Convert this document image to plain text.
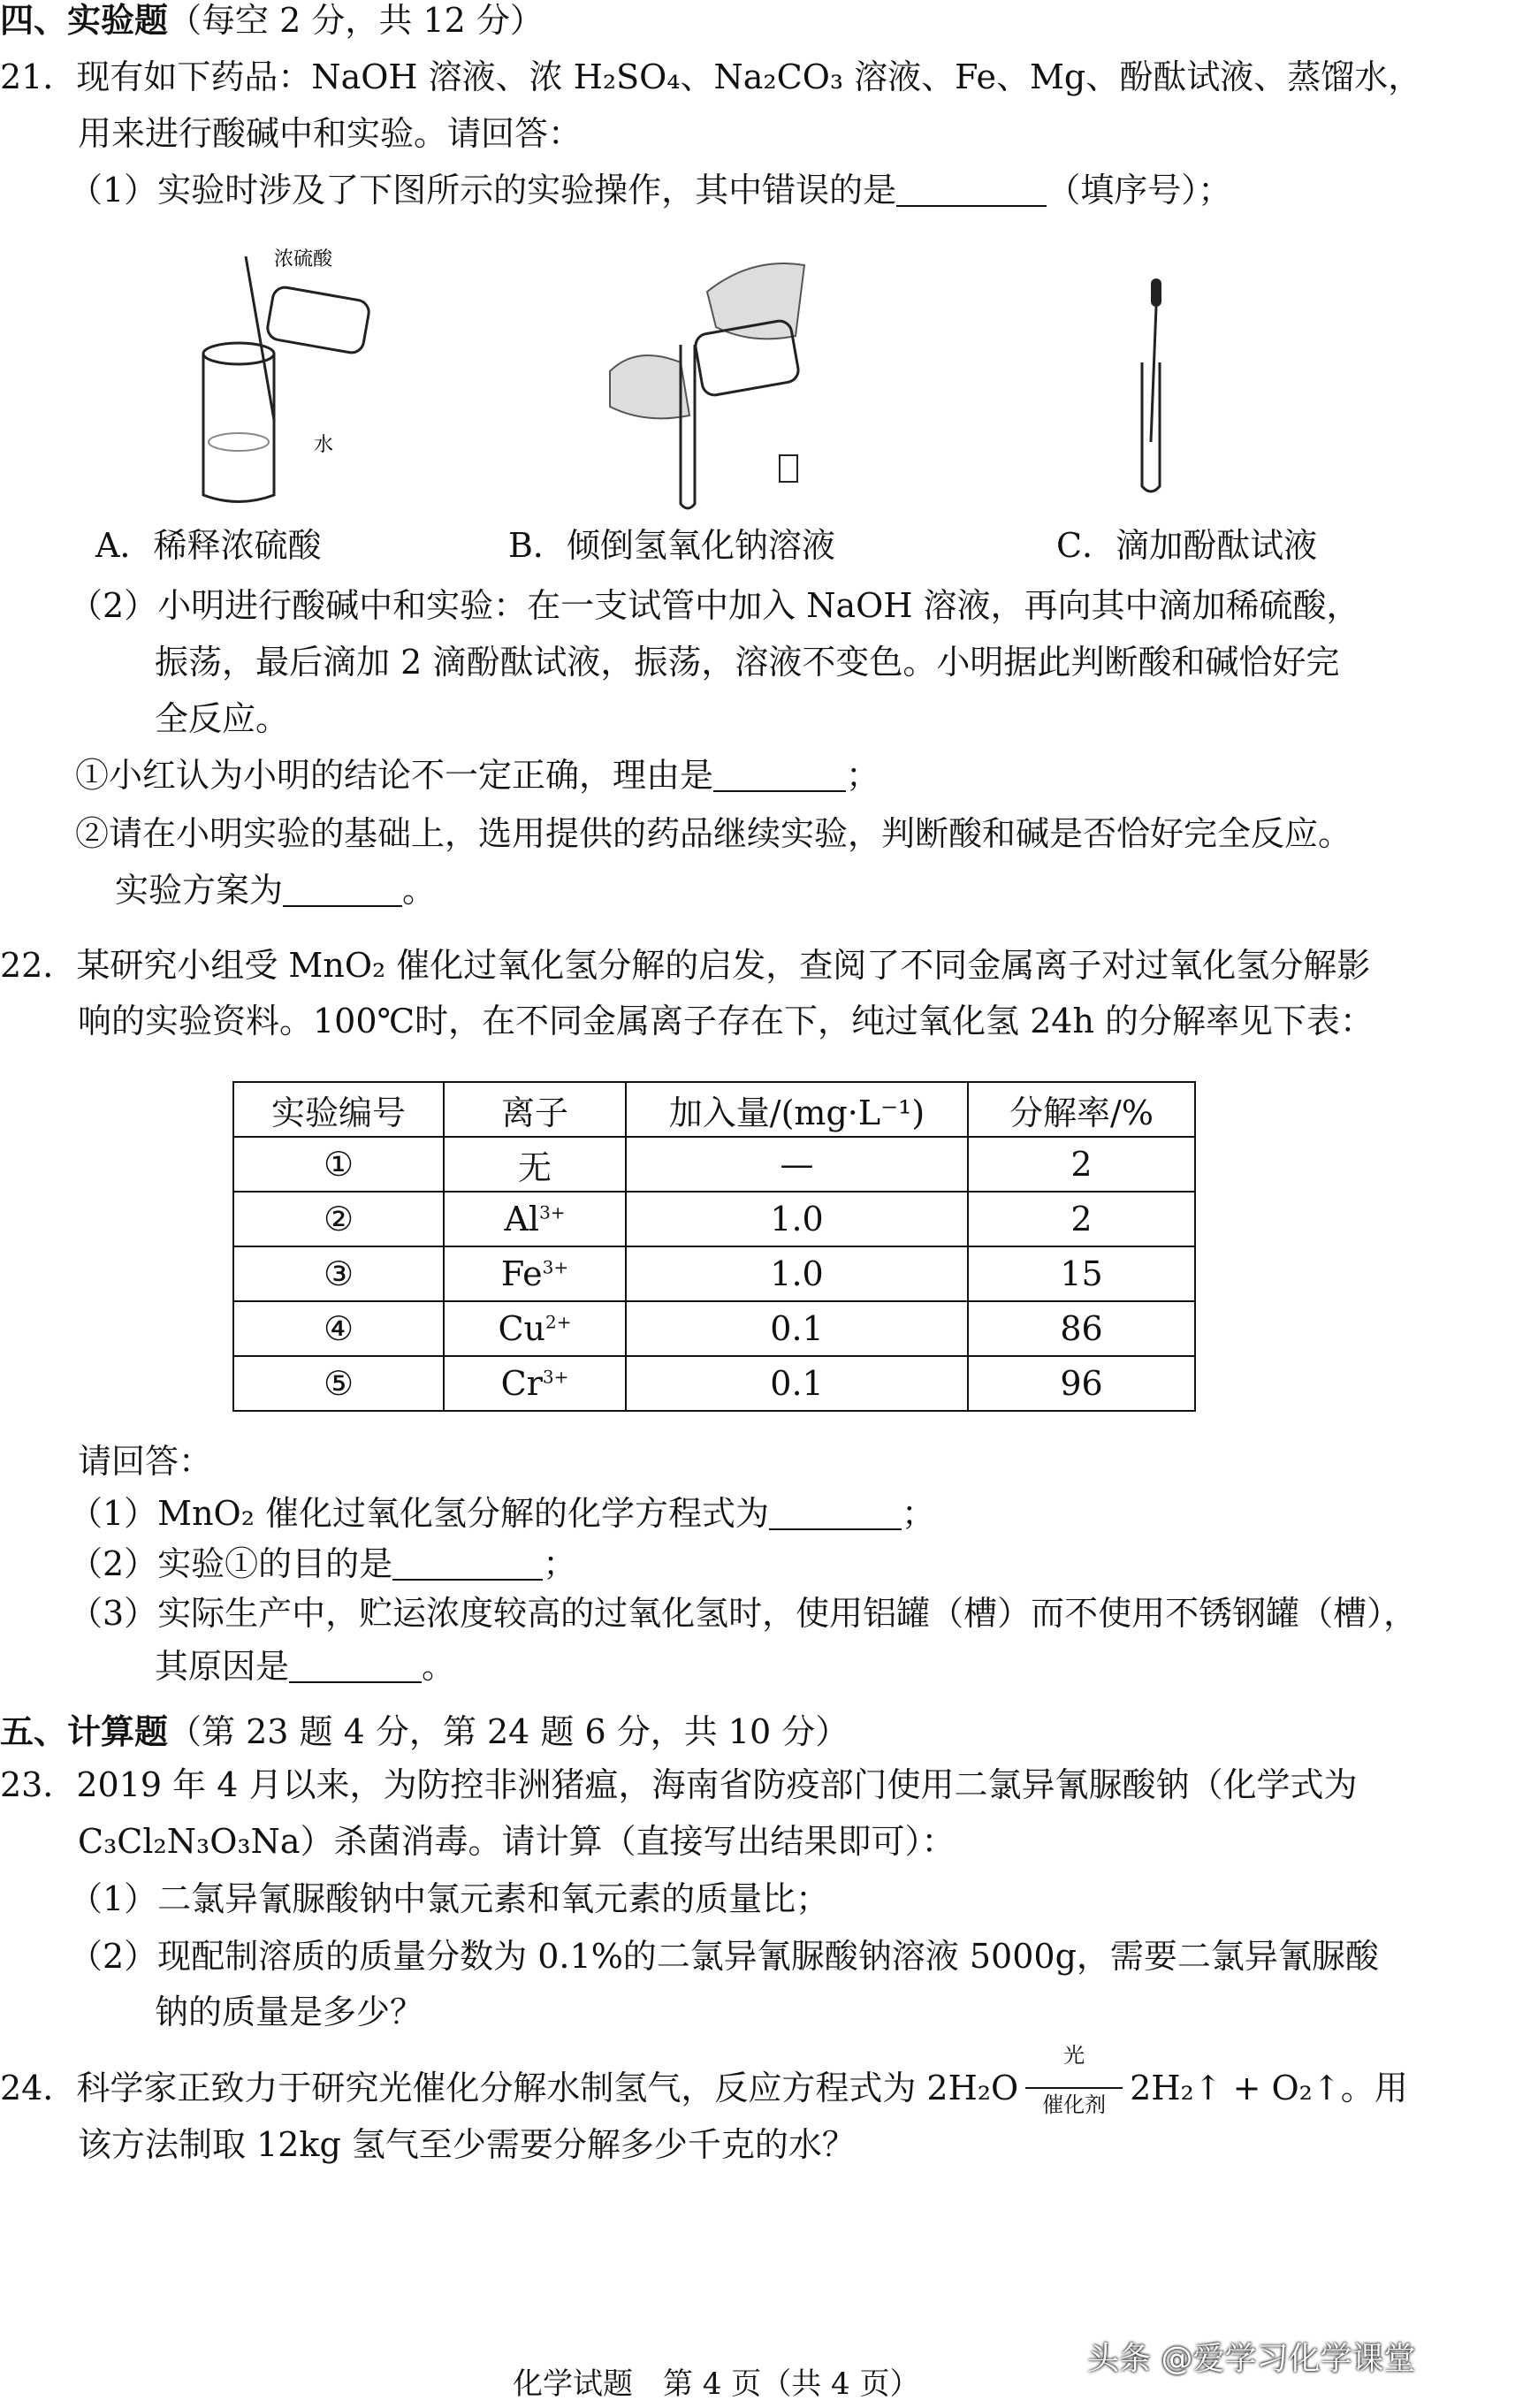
四、实验题（每空 2 分，共 12 分）
21．现有如下药品：NaOH 溶液、浓 H₂SO₄、Na₂CO₃ 溶液、Fe、Mg、酚酞试液、蒸馏水，
用来进行酸碱中和实验。请回答：
（1）实验时涉及了下图所示的实验操作，其中错误的是	（填序号）；
浓硫酸
水
A．稀释浓硫酸	B．倾倒氢氧化钠溶液	C．滴加酚酞试液
（2）小明进行酸碱中和实验：在一支试管中加入 NaOH 溶液，再向其中滴加稀硫酸，
振荡，最后滴加 2 滴酚酞试液，振荡，溶液不变色。小明据此判断酸和碱恰好完
全反应。
①小红认为小明的结论不一定正确，理由是	；
②请在小明实验的基础上，选用提供的药品继续实验，判断酸和碱是否恰好完全反应。
实验方案为	。
22．某研究小组受 MnO₂ 催化过氧化氢分解的启发，查阅了不同金属离子对过氧化氢分解影
响的实验资料。100℃时，在不同金属离子存在下，纯过氧化氢 24h 的分解率见下表：
实验编号	离子	加入量/(mg·L⁻¹)	分解率/%
①	无	—	2
②	$Al^{3+}$	1.0	2
③	$Fe^{3+}$	1.0	15
④	$Cu^{2+}$	0.1	86
⑤	$Cr^{3+}$	0.1	96
请回答：
（1）MnO₂ 催化过氧化氢分解的化学方程式为	；
（2）实验①的目的是	；
（3）实际生产中，贮运浓度较高的过氧化氢时，使用铝罐（槽）而不使用不锈钢罐（槽），
其原因是	。
五、计算题（第 23 题 4 分，第 24 题 6 分，共 10 分）
23．2019 年 4 月以来，为防控非洲猪瘟，海南省防疫部门使用二氯异氰脲酸钠（化学式为
C₃Cl₂N₃O₃Na）杀菌消毒。请计算（直接写出结果即可）：
（1）二氯异氰脲酸钠中氯元素和氧元素的质量比；
（2）现配制溶质的质量分数为 0.1%的二氯异氰脲酸钠溶液 5000g，需要二氯异氰脲酸
钠的质量是多少？
24．科学家正致力于研究光催化分解水制氢气，反应方程式为 2H₂O
光
催化剂 2H₂↑ + O₂↑。用
该方法制取 12kg 氢气至少需要分解多少千克的水？
头条 @爱学习化学课堂
化学试题　第 4 页（共 4 页）
